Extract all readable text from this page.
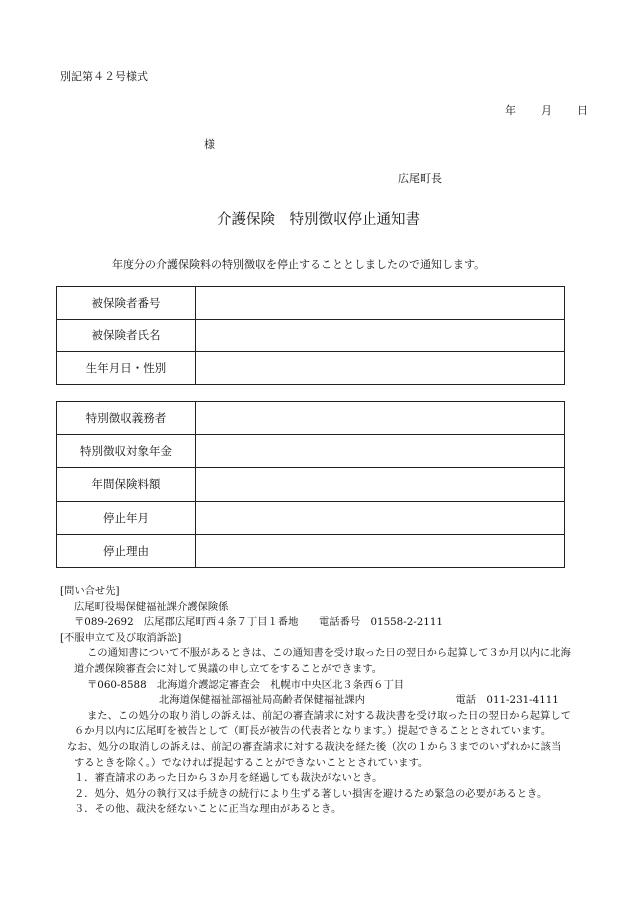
別記第４２号様式
年 月 日
様
広尾町長
介護保険　特別徴収停止通知書
年度分の介護保険料の特別徴収を停止することとしましたので通知します。
被保険者番号	
被保険者氏名	
生年月日・性別	
特別徴収義務者	
特別徴収対象年金	
年間保険料額	
停止年月	
停止理由	
[問い合せ先]
広尾町役場保健福祉課介護保険係
〒089-2692　広尾郡広尾町西４条７丁目１番地　　電話番号　01558-2-2111
[不服申立て及び取消訴訟]
この通知書について不服があるときは、この通知書を受け取った日の翌日から起算して３か月以内に北海
道介護保険審査会に対して異議の申し立てをすることができます。
〒060-8588　北海道介護認定審査会　札幌市中央区北３条西６丁目
北海道保健福祉部福祉局高齢者保健福祉課内	電話　011-231-4111
また、この処分の取り消しの訴えは、前記の審査請求に対する裁決書を受け取った日の翌日から起算して
６か月以内に広尾町を被告として（町長が被告の代表者となります。）提起できることとされています。
なお、処分の取消しの訴えは、前記の審査請求に対する裁決を経た後（次の１から３までのいずれかに該当
するときを除く。）でなければ提起することができないこととされています。
１．審査請求のあった日から３か月を経過しても裁決がないとき。
２．処分、処分の執行又は手続きの続行により生ずる著しい損害を避けるため緊急の必要があるとき。
３．その他、裁決を経ないことに正当な理由があるとき。
